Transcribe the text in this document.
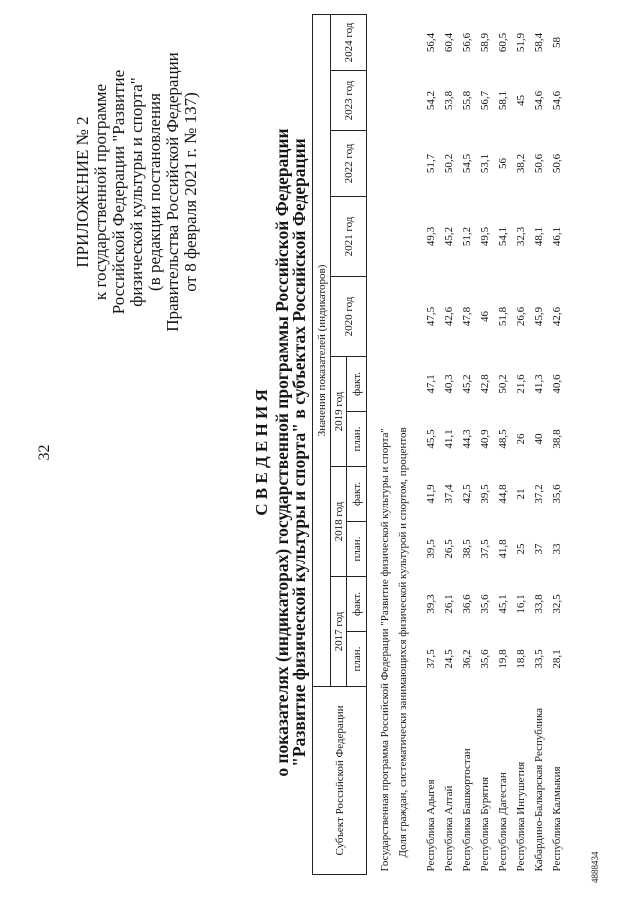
32
ПРИЛОЖЕНИЕ № 2 к государственной программе Российской Федерации "Развитие физической культуры и спорта" (в редакции постановления Правительства Российской Федерации от 8 февраля 2021 г. № 137)
С В Е Д Е Н И Я о показателях (индикаторах) государственной программы Российской Федерации
"Развитие физической культуры и спорта" в субъектах Российской Федерации
Субъект Российской Федерации	Значения показателей (индикаторов)										
	2017 год		2018 год		2019 год		2020 год	2021 год	2022 год	2023 год	2024 год
	план.	факт.	план.	факт.	план.	факт.					

Государственная программа Российской Федерации "Развитие физической культуры и спорта"											
Доля граждан, систематически занимающихся физической культурой и спортом, процентов											

Республика Адыгея	37,5	39,3	39,5	41,9	45,5	47,1	47,5	49,3	51,7	54,2	56,4
Республика Алтай	24,5	26,1	26,5	37,4	41,1	40,3	42,6	45,2	50,2	53,8	60,4
Республика Башкортостан	36,2	36,6	38,5	42,5	44,3	45,2	47,8	51,2	54,5	55,8	56,6
Республика Бурятия	35,6	35,6	37,5	39,5	40,9	42,8	46	49,5	53,1	56,7	58,9
Республика Дагестан	19,8	45,1	41,8	44,8	48,5	50,2	51,8	54,1	56	58,1	60,5
Республика Ингушетия	18,8	16,1	25	21	26	21,6	26,6	32,3	38,2	45	51,9
Кабардино-Балкарская Республика	33,5	33,8	37	37,2	40	41,3	45,9	48,1	50,6	54,6	58,4
Республика Калмыкия	28,1	32,5	33	35,6	38,8	40,6	42,6	46,1	50,6	54,6	58
4888434
